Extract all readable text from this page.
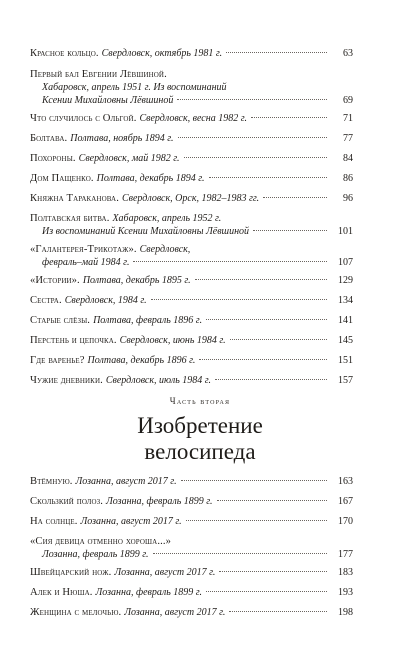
Красное кольцо. Свердловск, октябрь 1981 г.	63
Первый бал Евгении Лёвшиной.
Хабаровск, апрель 1951 г. Из воспоминаний
Ксении Михайловны Лёвшиной	69
Что случилось с Ольгой. Свердловск, весна 1982 г.	71
Болтава. Полтава, ноябрь 1894 г.	77
Похороны. Свердловск, май 1982 г.	84
Дом Пащенко. Полтава, декабрь 1894 г.	86
Княжна Тараканова. Свердловск, Орск, 1982–1983 гг.	96
Полтавская битва. Хабаровск, апрель 1952 г.
Из воспоминаний Ксении Михайловны Лёвшиной	101
«Галантерея-Трикотаж». Свердловск,
февраль–май 1984 г.	107
«Истории». Полтава, декабрь 1895 г.	129
Сестра. Свердловск, 1984 г.	134
Старые слёзы. Полтава, февраль 1896 г.	141
Перстень и цепочка. Свердловск, июнь 1984 г.	145
Где варенье? Полтава, декабрь 1896 г.	151
Чужие дневники. Свердловск, июль 1984 г.	157
Часть вторая
Изобретение
велосипеда
Втёмную. Лозанна, август 2017 г.	163
Скользкий полоз. Лозанна, февраль 1899 г.	167
На солнце. Лозанна, август 2017 г.	170
«Сия девица отменно хороша...»
Лозанна, февраль 1899 г.	177
Швейцарский нож. Лозанна, август 2017 г.	183
Алек и Нюша. Лозанна, февраль 1899 г.	193
Женщина с мелочью. Лозанна, август 2017 г.	198
